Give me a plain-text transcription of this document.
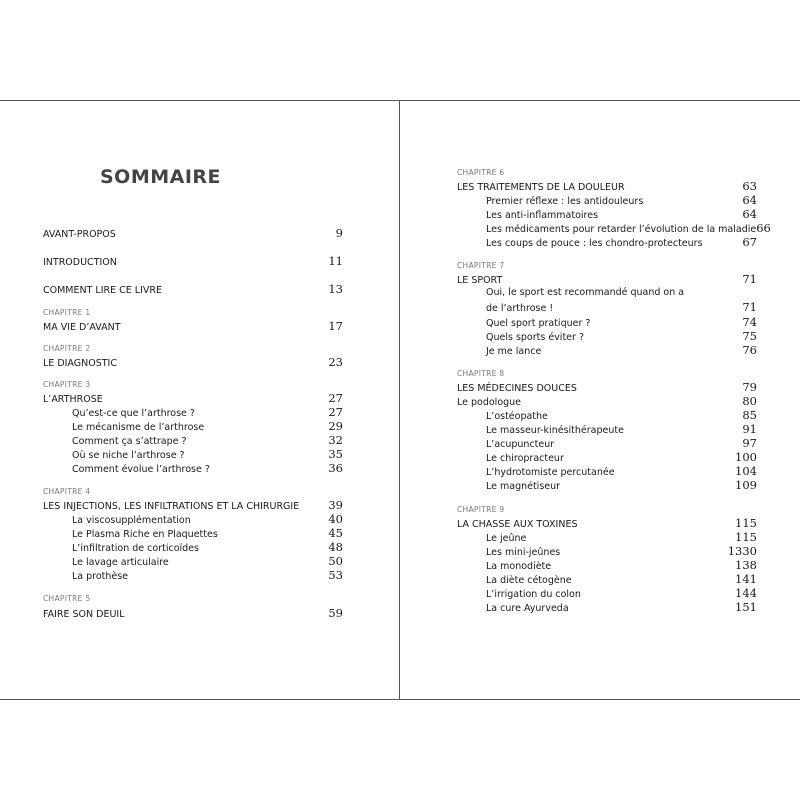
SOMMAIRE
AVANT-PROPOS	9
INTRODUCTION	11
COMMENT LIRE CE LIVRE	13
CHAPITRE 1
MA VIE D’AVANT	17
CHAPITRE 2
LE DIAGNOSTIC	23
CHAPITRE 3
L’ARTHROSE	27
Qu’est-ce que l’arthrose ?	27
Le mécanisme de l’arthrose	29
Comment ça s’attrape ?	32
Où se niche l’arthrose ?	35
Comment évolue l’arthrose ?	36
CHAPITRE 4
LES INJECTIONS, LES INFILTRATIONS ET LA CHIRURGIE	39
La viscosupplémentation	40
Le Plasma Riche en Plaquettes	45
L’infiltration de corticoïdes	48
Le lavage articulaire	50
La prothèse	53
CHAPITRE 5
FAIRE SON DEUIL	59
CHAPITRE 6
LES TRAITEMENTS DE LA DOULEUR	63
Premier réflexe : les antidouleurs	64
Les anti-inflammatoires	64
Les médicaments pour retarder l’évolution de la maladie 66
Les coups de pouce : les chondro-protecteurs	67
CHAPITRE 7
LE SPORT	71
Oui, le sport est recommandé quand on a
de l’arthrose !	71
Quel sport pratiquer ?	74
Quels sports éviter ?	75
Je me lance	76
CHAPITRE 8
LES MÉDECINES DOUCES	79
Le podologue	80
L’ostéopathe	85
Le masseur-kinésithérapeute	91
L’acupuncteur	97
Le chiropracteur	100
L’hydrotomiste percutanée	104
Le magnétiseur	109
CHAPITRE 9
LA CHASSE AUX TOXINES	115
Le jeûne	115
Les mini-jeûnes	1330
La monodiète	138
La diète cétogène	141
L’irrigation du colon	144
La cure Ayurveda	151
